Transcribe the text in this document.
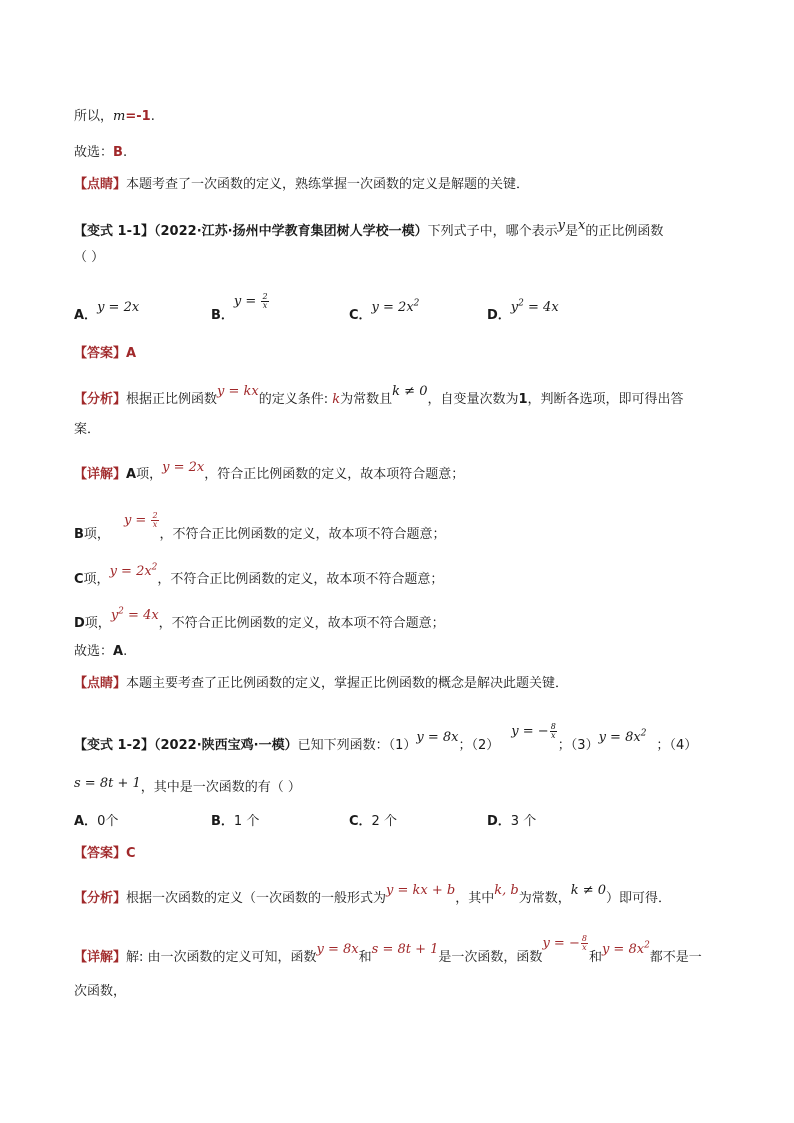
所以，m=-1.
故选：B.
【点睛】本题考查了一次函数的定义，熟练掌握一次函数的定义是解题的关键．
【变式 1-1】（2022·江苏·扬州中学教育集团树人学校一模）下列式子中，哪个表示y是x的正比例函数
（ ）
A．y = 2x
B．$y = \frac{2}{x}$
C．$y = 2x^2$
D．$y^2 = 4x$
【答案】A
【分析】根据正比例函数y = kx的定义条件: k为常数且k ≠ 0，自变量次数为1，判断各选项，即可得出答
案．
【详解】A项，y = 2x，符合正比例函数的定义，故本项符合题意；
B项，$y = \frac{2}{x}$
，不符合正比例函数的定义，故本项不符合题意；
C项，$y = 2x^2$，不符合正比例函数的定义，故本项不符合题意；
D项，$y^2 = 4x$，不符合正比例函数的定义，故本项不符合题意；
故选：A.
【点睛】本题主要考查了正比例函数的定义，掌握正比例函数的概念是解决此题关键．
【变式 1-2】（2022·陕西宝鸡·一模）已知下列函数：（1）y = 8x；（2）y = − $\frac{8}{x}$
；$(3)y = 8x^2$；（4）
s = 8t + 1，其中是一次函数的有（ ）
A．0个	B．1 个	C．2 个	D．3 个
【答案】C
【分析】根据一次函数的定义（一次函数的一般形式为y = kx + b，其中k, b为常数，k ≠ 0）即可得．
【详解】解: 由一次函数的定义可知，函数y = 8x和s = 8t + 1是一次函数，函数y = − $\frac{8}{x}$
和$y = 8x^2$都不是一
次函数，
